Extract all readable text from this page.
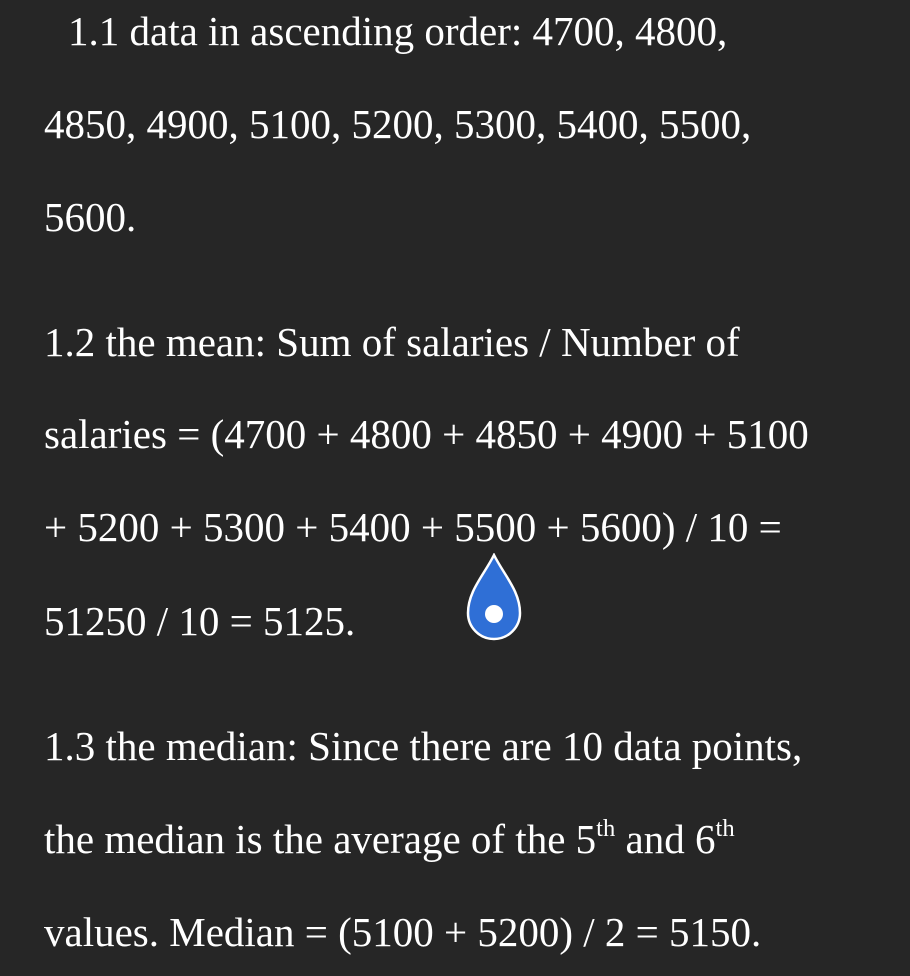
1.1 data in ascending order: 4700, 4800,
4850, 4900, 5100, 5200, 5300, 5400, 5500,
5600.
1.2 the mean: Sum of salaries / Number of
salaries = (4700 + 4800 + 4850 + 4900 + 5100
+ 5200 + 5300 + 5400 + 5500 + 5600) / 10 =
51250 / 10 = 5125.
1.3 the median: Since there are 10 data points,
the median is the average of the 5th and 6th
values. Median = (5100 + 5200) / 2 = 5150.
